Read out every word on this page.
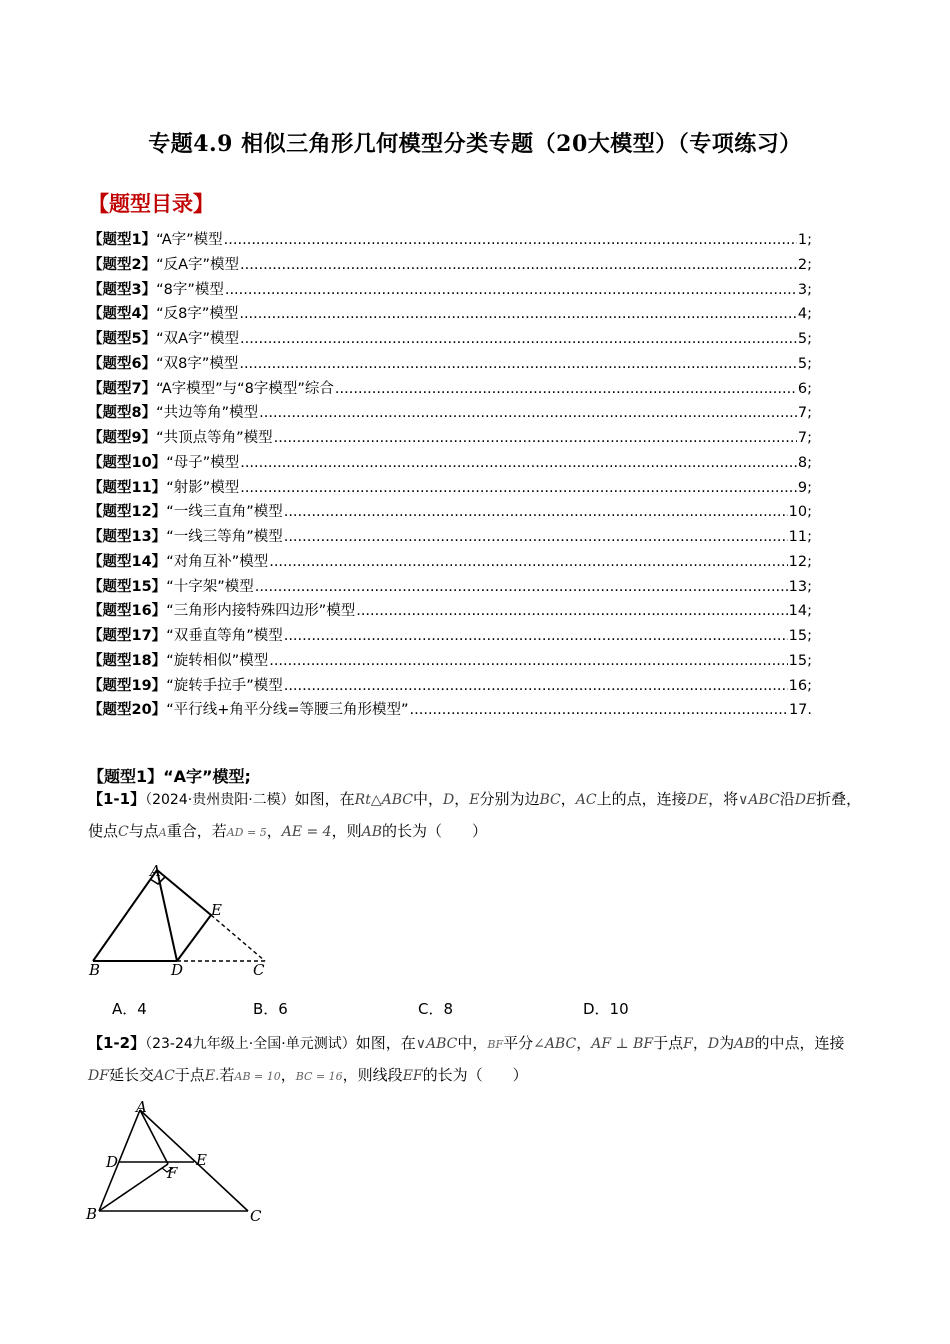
专题4.9 相似三角形几何模型分类专题（20大模型）（专项练习）
【题型目录】
【题型1】 “A字”模型 .....	1;
【题型2】 “反A字”模型 .....	2;
【题型3】 “8字”模型 .....	3;
【题型4】 “反8字”模型 .....	4;
【题型5】 “双A字”模型 .....	5;
【题型6】 “双8字”模型 .....	5;
【题型7】 “A字模型”与“8字模型”综合 .....	6;
【题型8】 “共边等角”模型 .....	7;
【题型9】 “共顶点等角”模型 .....	7;
【题型10】 “母子”模型 .....	8;
【题型11】 “射影”模型 .....	9;
【题型12】 “一线三直角”模型 .....	10;
【题型13】 “一线三等角”模型 .....	11;
【题型14】 “对角互补”模型 .....	12;
【题型15】 “十字架”模型 .....	13;
【题型16】 “三角形内接特殊四边形”模型 .....	14;
【题型17】 “双垂直等角”模型 .....	15;
【题型18】 “旋转相似”模型 .....	15;
【题型19】 “旋转手拉手”模型 .....	16;
【题型20】 “平行线+角平分线=等腰三角形模型” .....	17.
【题型1】“A字”模型;
【1-1】（2024·贵州贵阳·二模）如图，在Rt△ABC中，D，E分别为边BC，AC上的点，连接DE，将∨ABC沿DE折叠，使点C与点A重合，若AD = 5，AE = 4，则AB的长为（　　）
A
B	D	C
E
A．4	B．6	C．8	D．10
【1-2】（23-24九年级上·全国·单元测试）如图，在∨ABC中，BF平分∠ABC，AF ⊥ BF于点F，D为AB的中点，连接DF延长交AC于点E.若AB = 10，BC = 16，则线段EF的长为（　　）
A
D	E
F
B	C
